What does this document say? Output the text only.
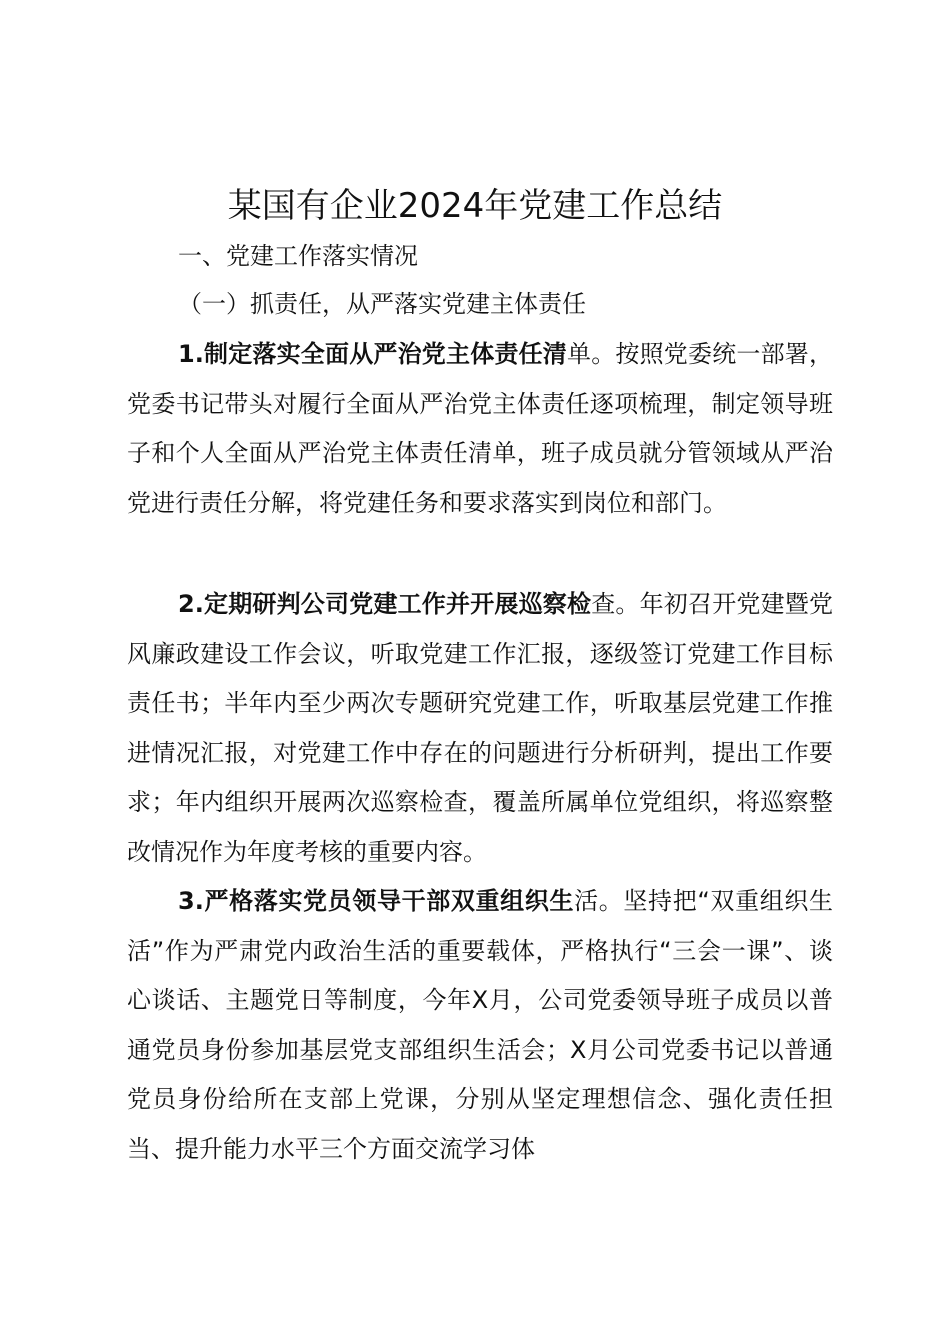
某国有企业2024年党建工作总结
一、党建工作落实情况
（一）抓责任，从严落实党建主体责任
1.制定落实全面从严治党主体责任清单。按照党委统一部署，党委书记带头对履行全面从严治党主体责任逐项梳理，制定领导班子和个人全面从严治党主体责任清单，班子成员就分管领域从严治党进行责任分解，将党建任务和要求落实到岗位和部门。
2.定期研判公司党建工作并开展巡察检查。年初召开党建暨党风廉政建设工作会议，听取党建工作汇报，逐级签订党建工作目标责任书；半年内至少两次专题研究党建工作，听取基层党建工作推进情况汇报，对党建工作中存在的问题进行分析研判，提出工作要求；年内组织开展两次巡察检查，覆盖所属单位党组织，将巡察整改情况作为年度考核的重要内容。
3.严格落实党员领导干部双重组织生活。坚持把“双重组织生活”作为严肃党内政治生活的重要载体，严格执行“三会一课”、谈心谈话、主题党日等制度，今年X月，公司党委领导班子成员以普通党员身份参加基层党支部组织生活会；X月公司党委书记以普通党员身份给所在支部上党课，分别从坚定理想信念、强化责任担当、提升能力水平三个方面交流学习体
